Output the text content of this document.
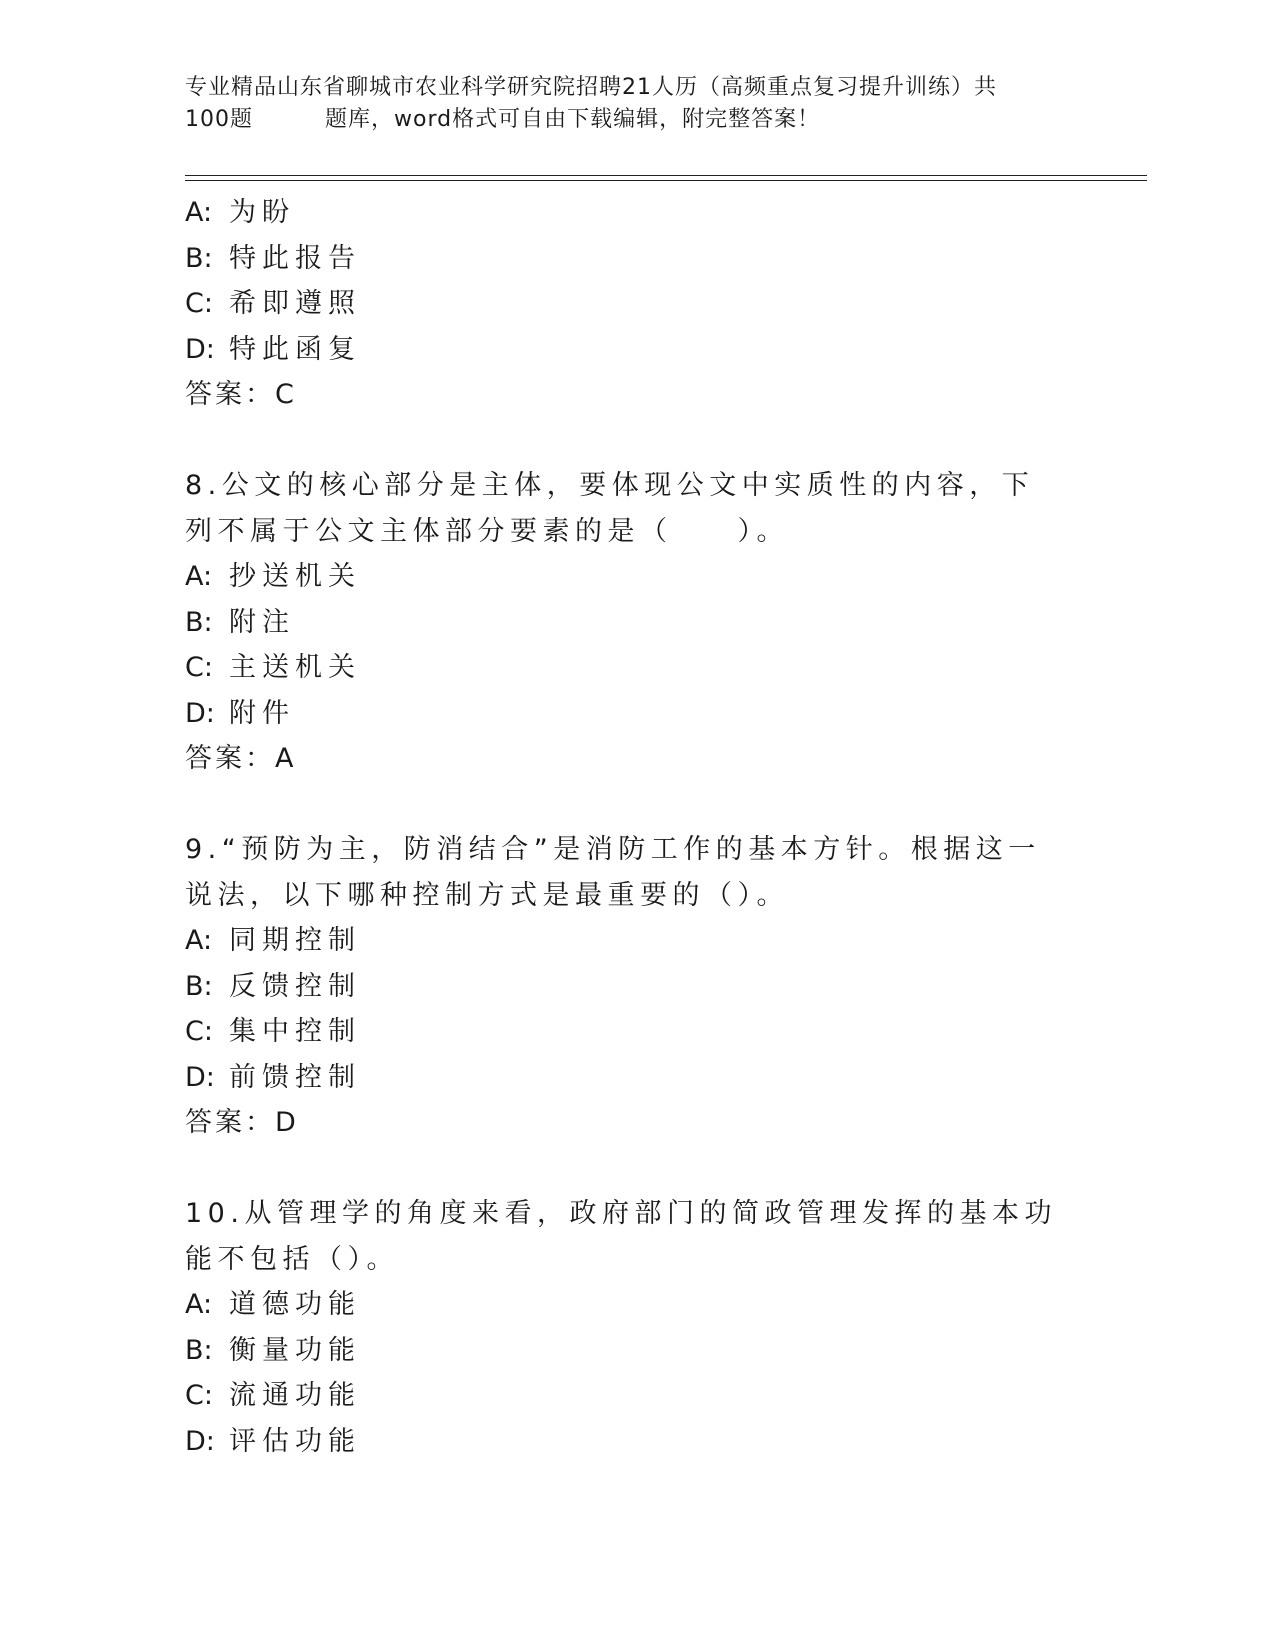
专业精品山东省聊城市农业科学研究院招聘21人历（高频重点复习提升训练）共
100题	题库，word格式可自由下载编辑，附完整答案！
A: 为盼
B: 特此报告
C: 希即遵照
D: 特此函复
答案：C
8.公文的核心部分是主体，要体现公文中实质性的内容，下列不属于公文主体部分要素的是（　　）。
A: 抄送机关
B: 附注
C: 主送机关
D: 附件
答案：A
9.“预防为主，防消结合”是消防工作的基本方针。根据这一说法，以下哪种控制方式是最重要的（）。
A: 同期控制
B: 反馈控制
C: 集中控制
D: 前馈控制
答案：D
10.从管理学的角度来看，政府部门的简政管理发挥的基本功能不包括（）。
A: 道德功能
B: 衡量功能
C: 流通功能
D: 评估功能
